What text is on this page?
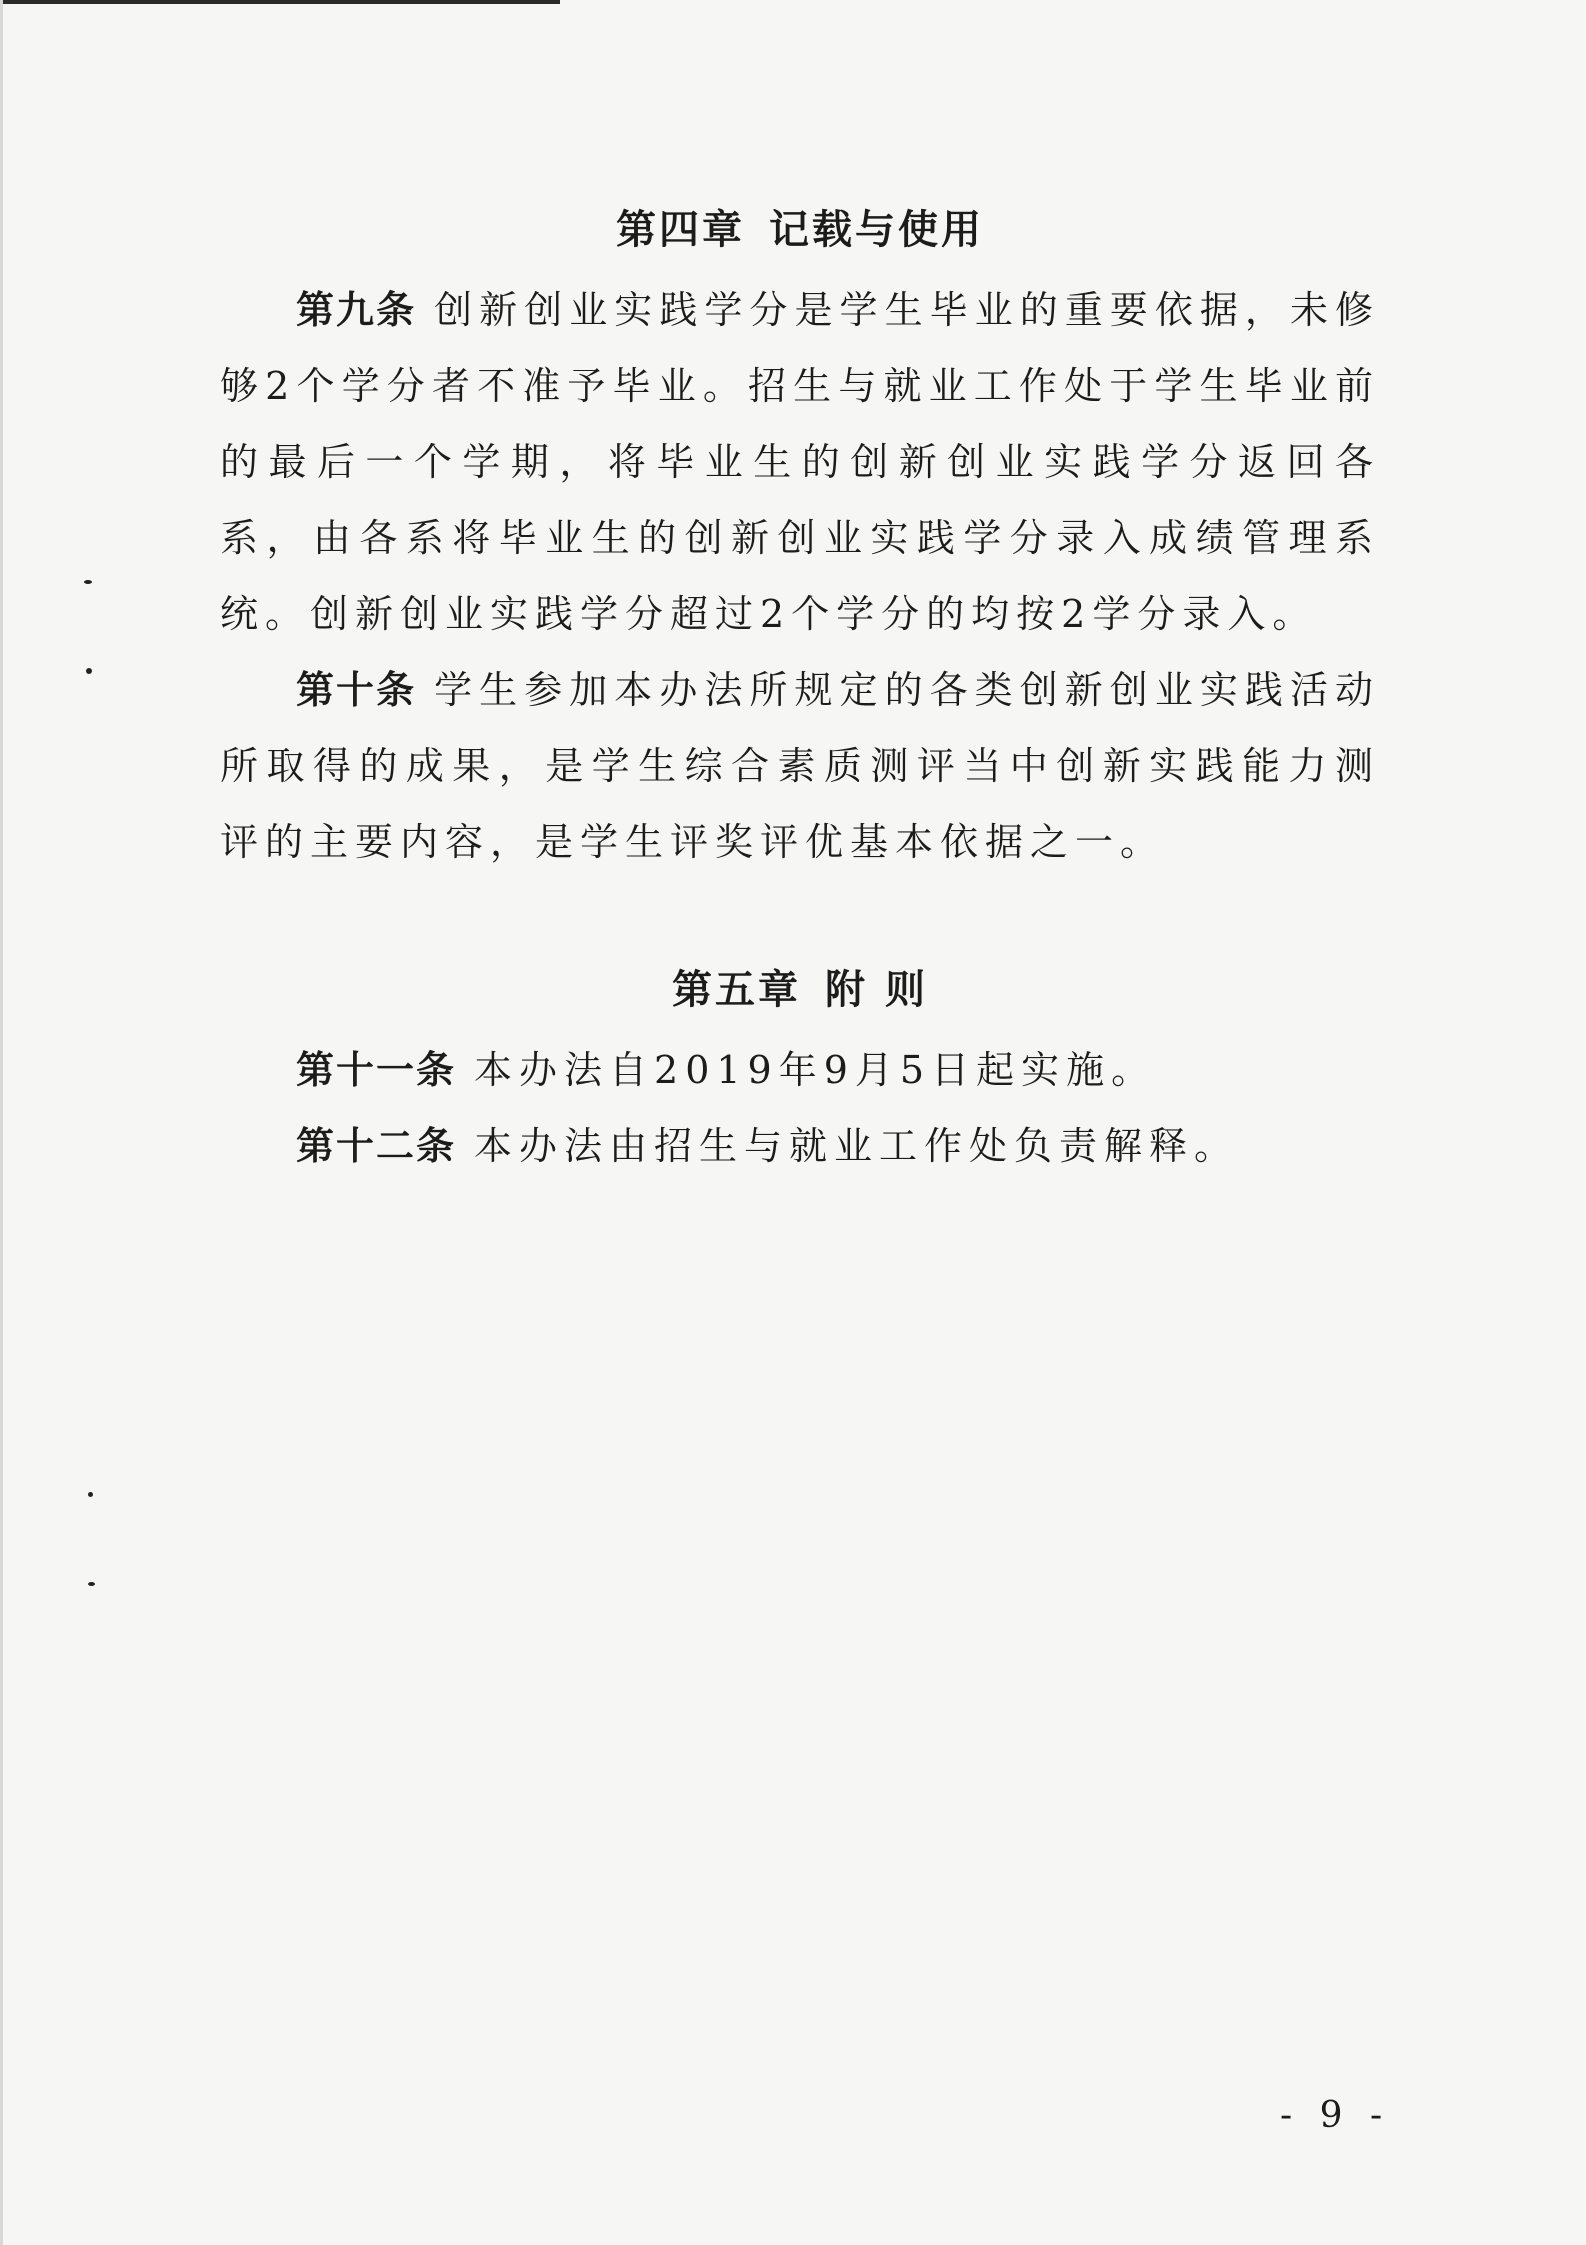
第四章 记载与使用

第九条 创新创业实践学分是学生毕业的重要依据，未修够2个学分者不准予毕业。招生与就业工作处于学生毕业前的最后一个学期，将毕业生的创新创业实践学分返回各系，由各系将毕业生的创新创业实践学分录入成绩管理系统。创新创业实践学分超过2个学分的均按2学分录入。

第十条 学生参加本办法所规定的各类创新创业实践活动所取得的成果，是学生综合素质测评当中创新实践能力测 评的主要内容，是学生评奖评优基本依据之一。

第五章 附 则

第十一条 本办法自2019年9月5日起实施。

第十二条 本办法由招生与就业工作处负责解释。

- 9 -
